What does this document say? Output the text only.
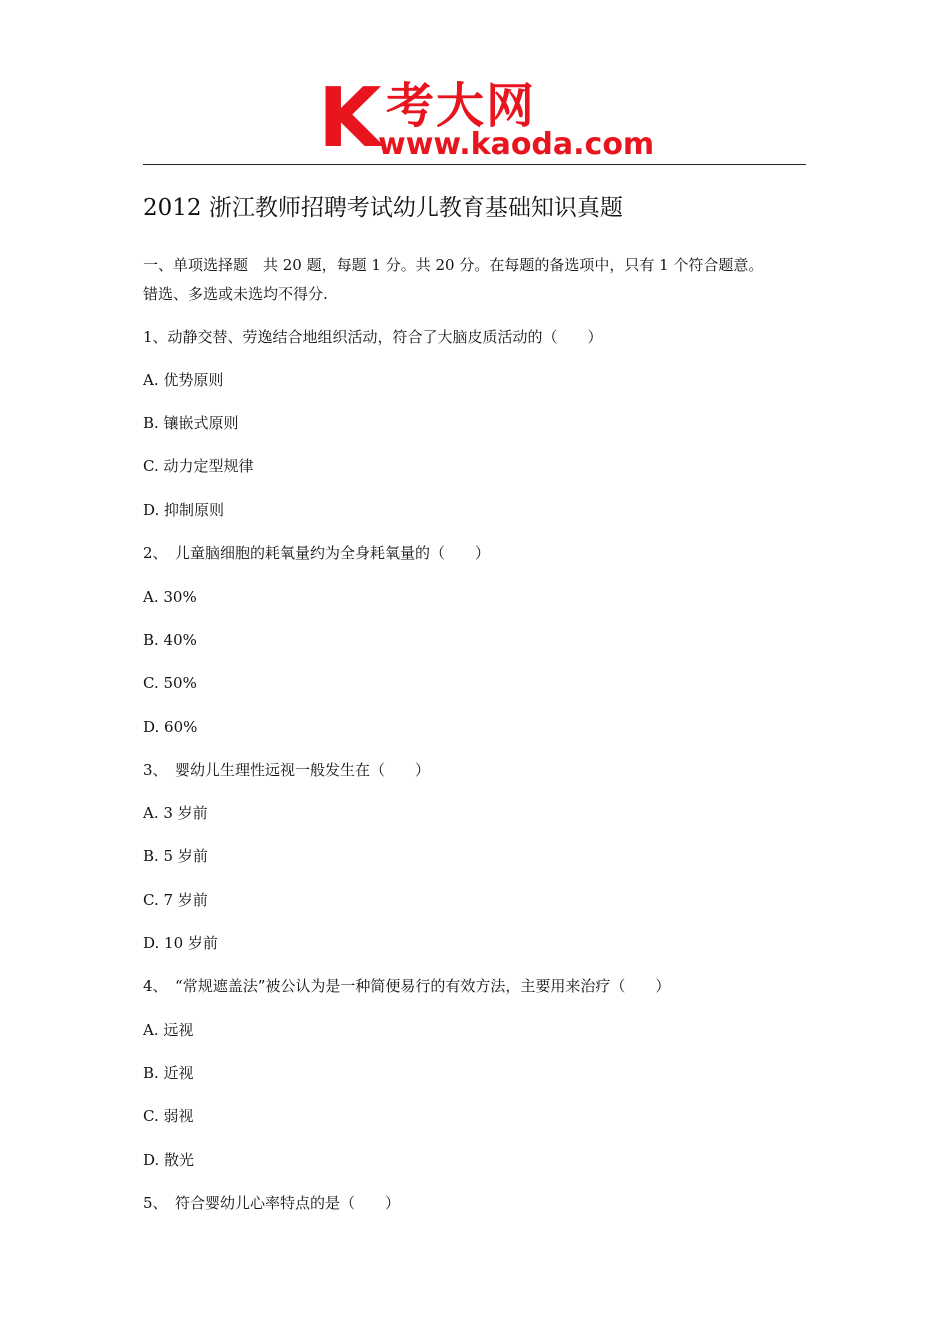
K 考大网
www.kaoda.com
2012 浙江教师招聘考试幼儿教育基础知识真题
一、单项选择题　共 20 题，每题 1 分。共 20 分。在每题的备选项中，只有 1 个符合题意。
错选、多选或未选均不得分.
1、动静交替、劳逸结合地组织活动，符合了大脑皮质活动的（　　）
A. 优势原则
B. 镶嵌式原则
C. 动力定型规律
D. 抑制原则
2、　儿童脑细胞的耗氧量约为全身耗氧量的（　　）
A. 30%
B. 40%
C. 50%
D. 60%
3、　婴幼儿生理性远视一般发生在（　　）
A. 3 岁前
B. 5 岁前
C. 7 岁前
D. 10 岁前
4、　“常规遮盖法”被公认为是一种简便易行的有效方法，主要用来治疗（　　）
A. 远视
B. 近视
C. 弱视
D. 散光
5、　符合婴幼儿心率特点的是（　　）
